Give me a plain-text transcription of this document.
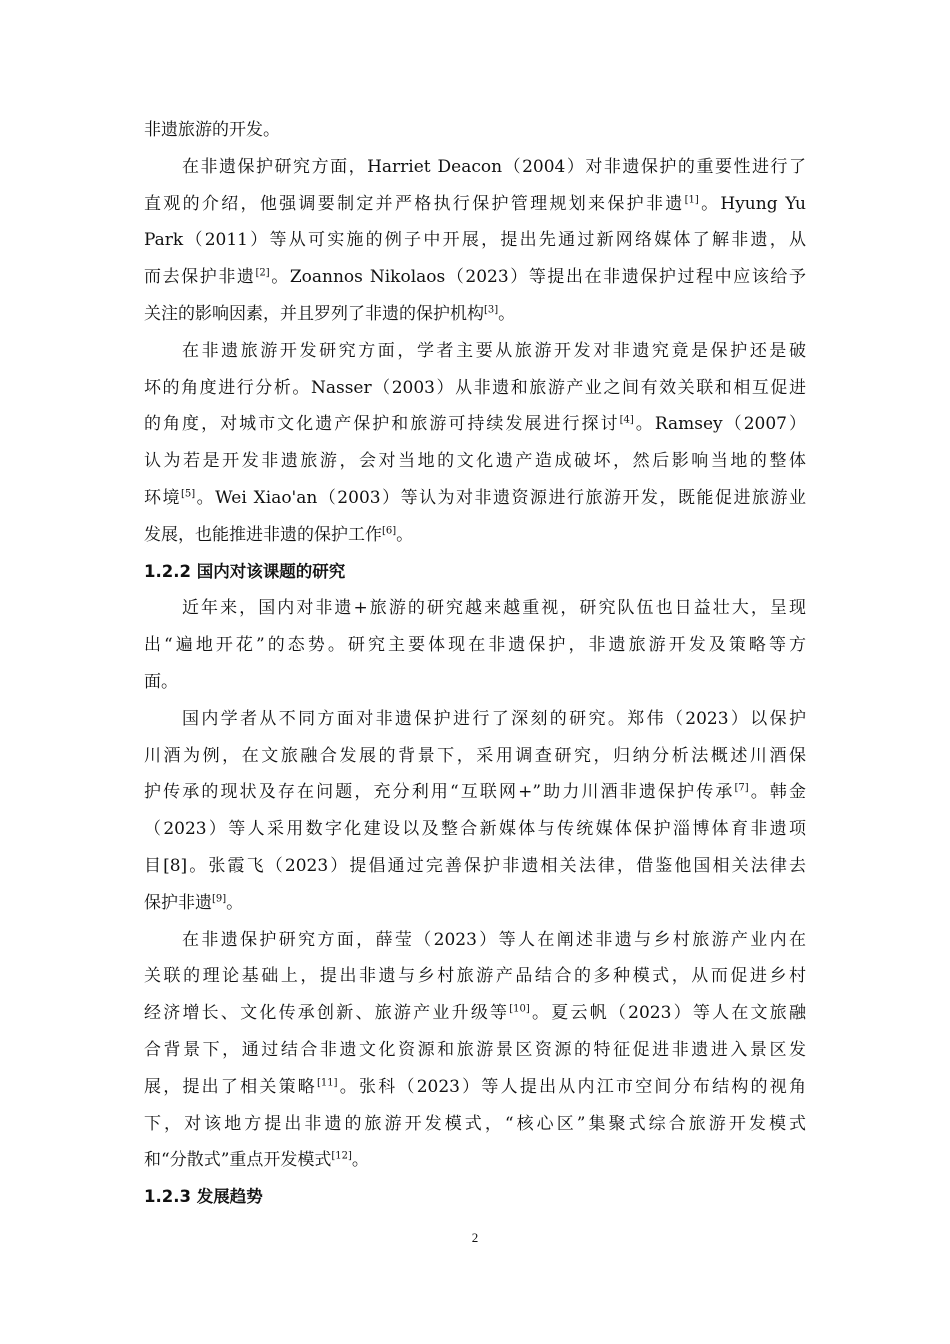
非遗旅游的开发。
在非遗保护研究方面，Harriet Deacon（2004）对非遗保护的重要性进行了
直观的介绍，他强调要制定并严格执行保护管理规划来保护非遗[1]。Hyung Yu
Park（2011）等从可实施的例子中开展，提出先通过新网络媒体了解非遗，从
而去保护非遗[2]。Zoannos Nikolaos（2023）等提出在非遗保护过程中应该给予
关注的影响因素，并且罗列了非遗的保护机构[3]。
在非遗旅游开发研究方面，学者主要从旅游开发对非遗究竟是保护还是破
坏的角度进行分析。Nasser（2003）从非遗和旅游产业之间有效关联和相互促进
的角度，对城市文化遗产保护和旅游可持续发展进行探讨[4]。Ramsey（2007）
认为若是开发非遗旅游，会对当地的文化遗产造成破坏，然后影响当地的整体
环境[5]。Wei Xiao'an（2003）等认为对非遗资源进行旅游开发，既能促进旅游业
发展，也能推进非遗的保护工作[6]。
1.2.2 国内对该课题的研究
近年来，国内对非遗+旅游的研究越来越重视，研究队伍也日益壮大，呈现
出“遍地开花”的态势。研究主要体现在非遗保护，非遗旅游开发及策略等方
面。
国内学者从不同方面对非遗保护进行了深刻的研究。郑伟（2023）以保护
川酒为例，在文旅融合发展的背景下，采用调查研究，归纳分析法概述川酒保
护传承的现状及存在问题，充分利用“互联网+”助力川酒非遗保护传承[7]。韩金
（2023）等人采用数字化建设以及整合新媒体与传统媒体保护淄博体育非遗项
目[8]。张霞飞（2023）提倡通过完善保护非遗相关法律，借鉴他国相关法律去
保护非遗[9]。
在非遗保护研究方面，薛莹（2023）等人在阐述非遗与乡村旅游产业内在
关联的理论基础上，提出非遗与乡村旅游产品结合的多种模式，从而促进乡村
经济增长、文化传承创新、旅游产业升级等[10]。夏云帆（2023）等人在文旅融
合背景下，通过结合非遗文化资源和旅游景区资源的特征促进非遗进入景区发
展，提出了相关策略[11]。张科（2023）等人提出从内江市空间分布结构的视角
下，对该地方提出非遗的旅游开发模式，“核心区”集聚式综合旅游开发模式
和“分散式”重点开发模式[12]。
1.2.3 发展趋势
2
